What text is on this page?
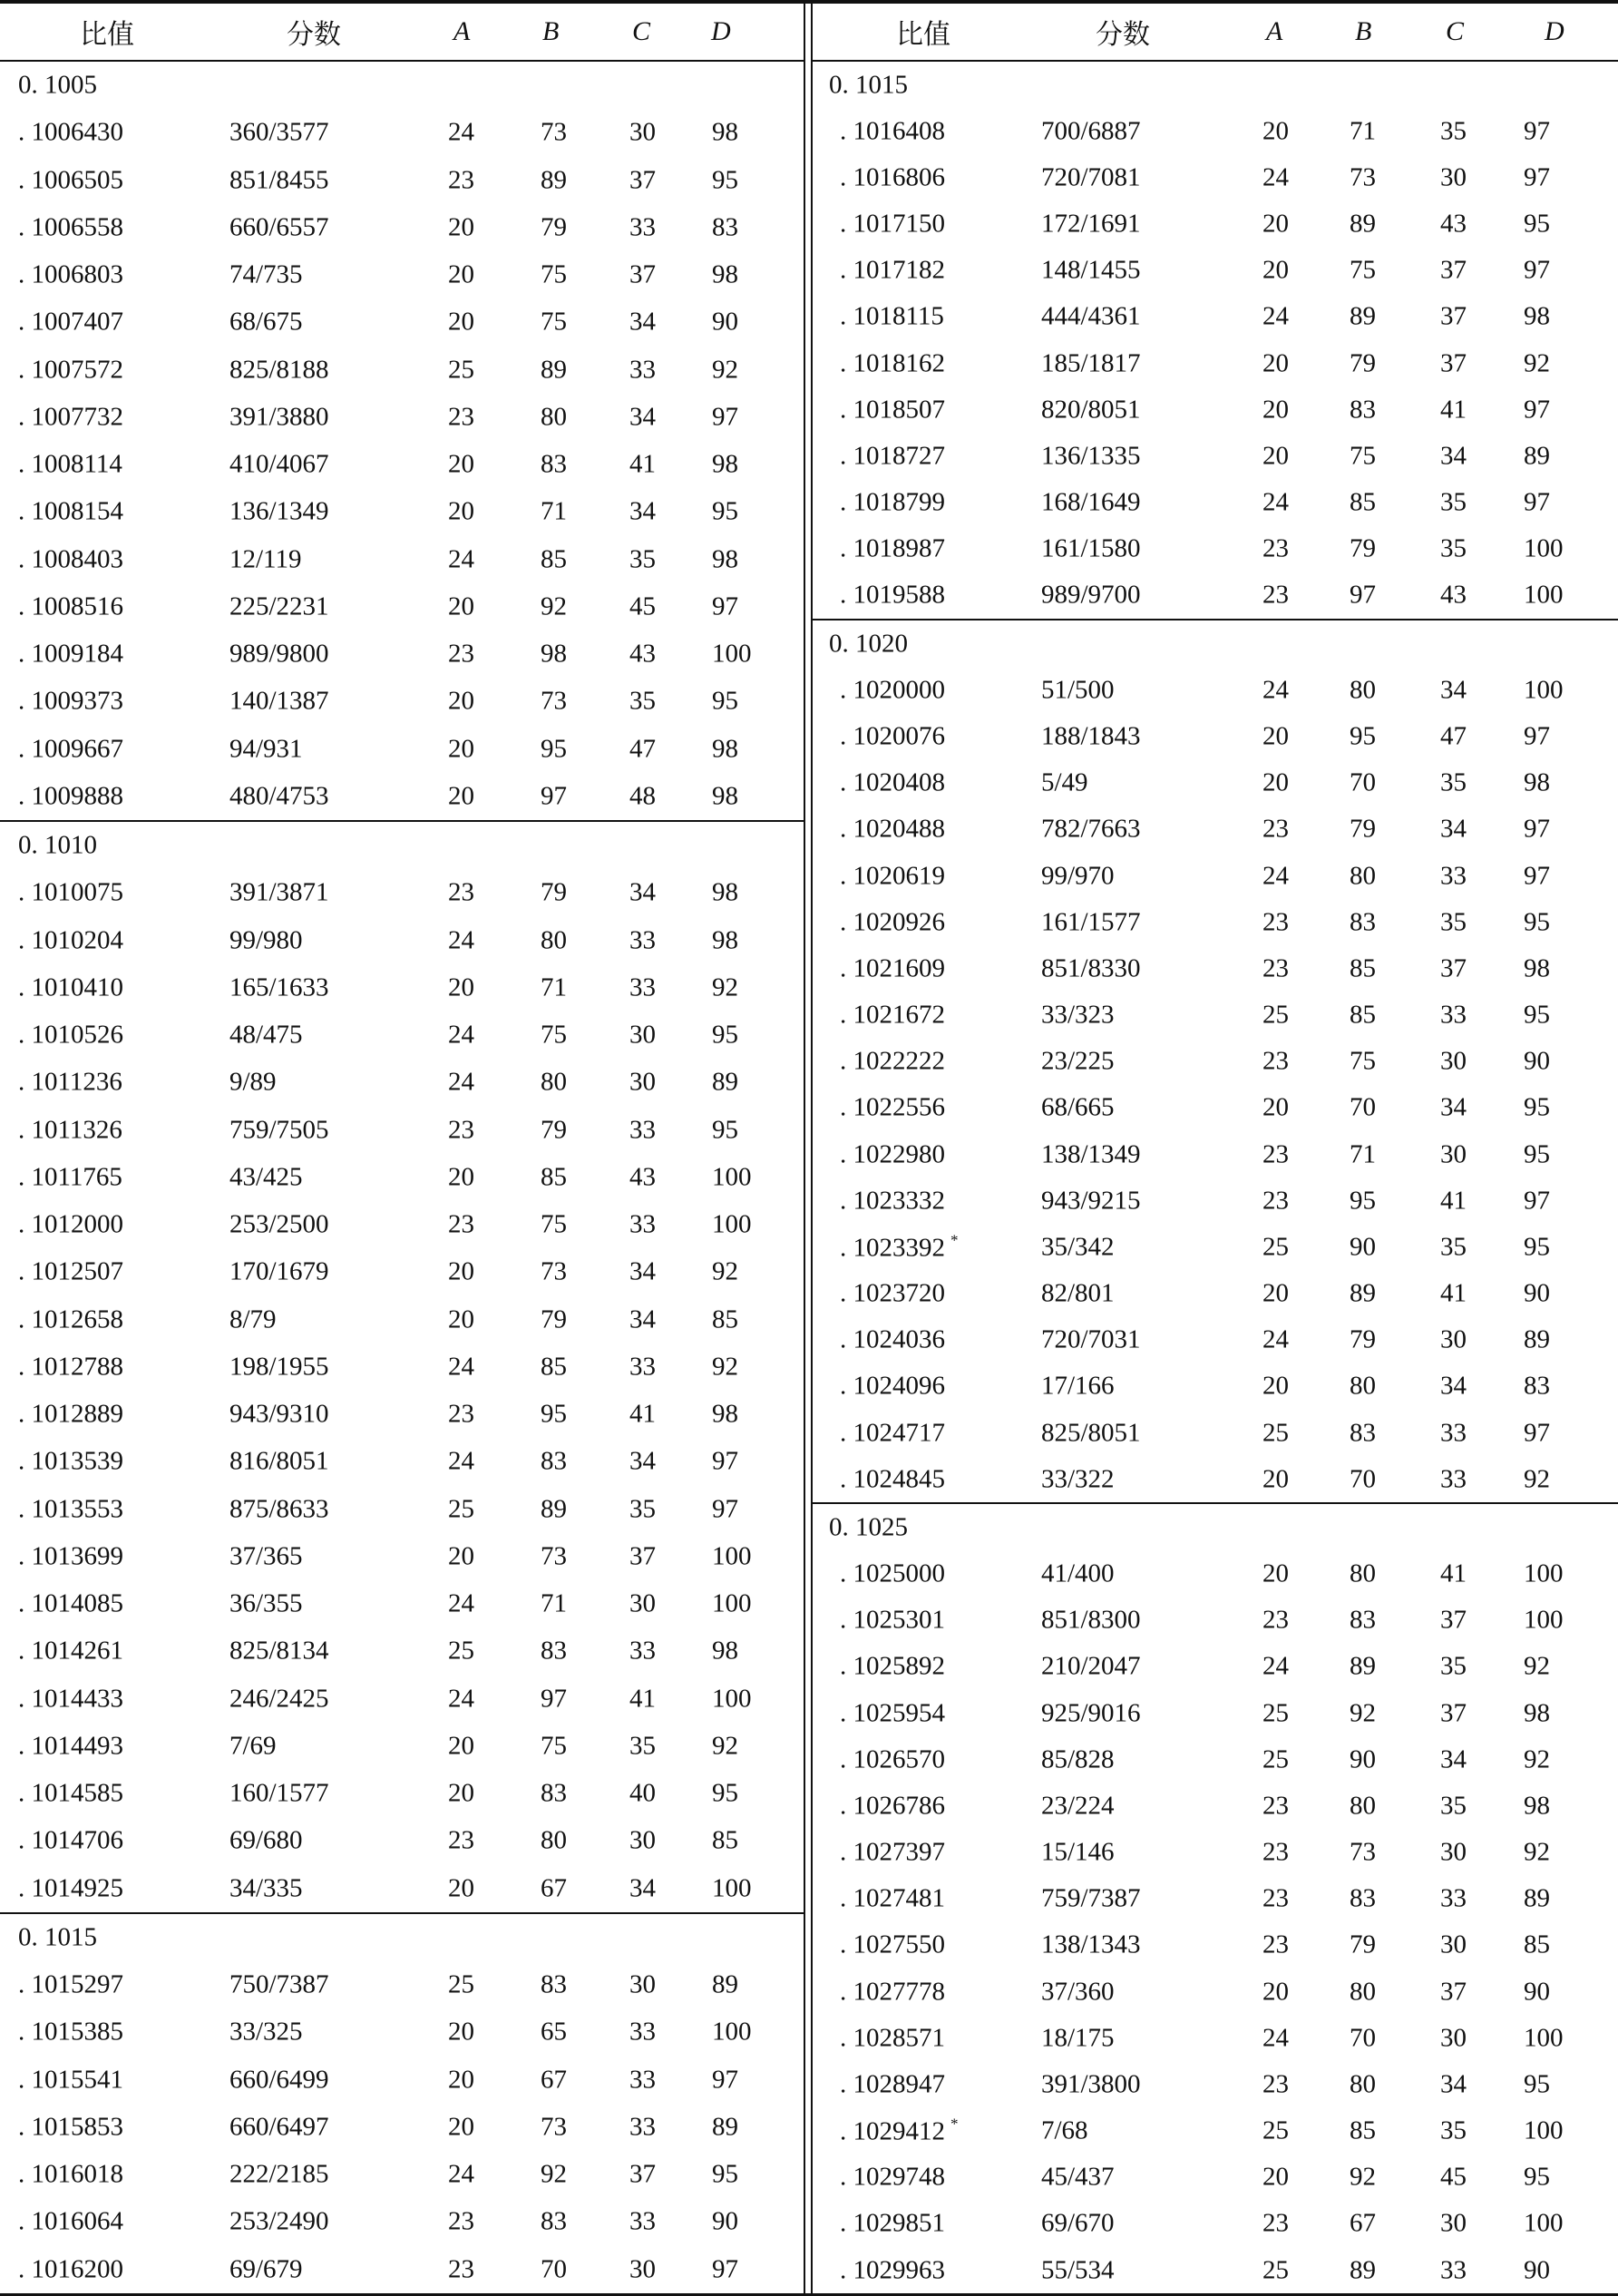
比值	分数	A	B	C D
0. 1005
. 1006430	360/3577	24	73 30 98
. 1006505	851/8455	23	89 37 95
. 1006558	660/6557	20	79 33 83
. 1006803	74/735	20	75 37 98
. 1007407	68/675	20	75 34 90
. 1007572	825/8188	25	89 33 92
. 1007732	391/3880	23	80 34 97
. 1008114	410/4067	20	83 41 98
. 1008154	136/1349	20	71 34 95
. 1008403	12/119	24	85 35 98
. 1008516	225/2231	20	92 45 97
. 1009184	989/9800	23	98 43 100
. 1009373	140/1387	20	73 35 95
. 1009667	94/931	20	95 47 98
. 1009888	480/4753	20	97 48 98
0. 1010
. 1010075	391/3871	23	79 34 98
. 1010204	99/980	24	80 33 98
. 1010410	165/1633	20	71 33 92
. 1010526	48/475	24	75 30 95
. 1011236	9/89	24	80 30 89
. 1011326	759/7505	23	79 33 95
. 1011765	43/425	20	85 43 100
. 1012000	253/2500	23	75 33 100
. 1012507	170/1679	20	73 34 92
. 1012658	8/79	20	79 34 85
. 1012788	198/1955	24	85 33 92
. 1012889	943/9310	23	95 41 98
. 1013539	816/8051	24	83 34 97
. 1013553	875/8633	25	89 35 97
. 1013699	37/365	20	73 37 100
. 1014085	36/355	24	71 30 100
. 1014261	825/8134	25	83 33 98
. 1014433	246/2425	24	97 41 100
. 1014493	7/69	20	75 35 92
. 1014585	160/1577	20	83 40 95
. 1014706	69/680	23	80 30 85
. 1014925	34/335	20	67 34 100
0. 1015
. 1015297	750/7387	25	83 30 89
. 1015385	33/325	20	65 33 100
. 1015541	660/6499	20	67 33 97
. 1015853	660/6497	20	73 33 89
. 1016018	222/2185	24	92 37 95
. 1016064	253/2490	23	83 33 90
. 1016200	69/679	23	70 30 97
比值	分数	A	B	C	D
0. 1015
. 1016408	700/6887	20 71 35 97
. 1016806	720/7081	24 73 30 97
. 1017150	172/1691	20 89 43 95
. 1017182	148/1455	20 75 37 97
. 1018115	444/4361	24 89 37 98
. 1018162	185/1817	20 79 37 92
. 1018507	820/8051	20 83 41 97
. 1018727	136/1335	20 75 34 89
. 1018799	168/1649	24 85 35 97
. 1018987	161/1580	23 79 35 100
. 1019588	989/9700	23 97 43 100
0. 1020
. 1020000	51/500	24 80 34 100
. 1020076	188/1843	20 95 47 97
. 1020408	5/49	20 70 35 98
. 1020488	782/7663	23 79 34 97
. 1020619	99/970	24 80 33 97
. 1020926	161/1577	23 83 35 95
. 1021609	851/8330	23 85 37 98
. 1021672	33/323	25 85 33 95
. 1022222	23/225	23 75 30 90
. 1022556	68/665	20 70 34 95
. 1022980	138/1349	23 71 30 95
. 1023332	943/9215	23 95 41 97
. 1023392 *	35/342	25 90 35 95
. 1023720	82/801	20 89 41 90
. 1024036	720/7031	24 79 30 89
. 1024096	17/166	20 80 34 83
. 1024717	825/8051	25 83 33 97
. 1024845	33/322	20 70 33 92
0. 1025
. 1025000	41/400	20 80 41 100
. 1025301	851/8300	23 83 37 100
. 1025892	210/2047	24 89 35 92
. 1025954	925/9016	25 92 37 98
. 1026570	85/828	25 90 34 92
. 1026786	23/224	23 80 35 98
. 1027397	15/146	23 73 30 92
. 1027481	759/7387	23 83 33 89
. 1027550	138/1343	23 79 30 85
. 1027778	37/360	20 80 37 90
. 1028571	18/175	24 70 30 100
. 1028947	391/3800	23 80 34 95
. 1029412 *	7/68	25 85 35 100
. 1029748	45/437	20 92 45 95
. 1029851	69/670	23 67 30 100
. 1029963	55/534	25 89 33 90
